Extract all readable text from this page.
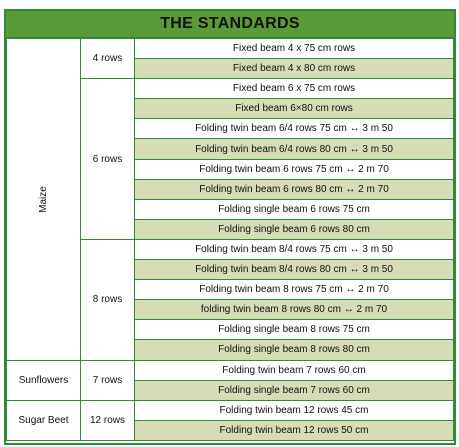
THE STANDARDS
Maize	4 rows	Fixed beam 4 x 75 cm rows
		Fixed beam 4 x 80 cm rows
	6 rows	Fixed beam 6 x 75 cm rows
		Fixed beam 6×80 cm rows
		Folding twin beam 6/4 rows 75 cm ↔ 3 m 50
		Folding twin beam 6/4 rows 80 cm ↔ 3 m 50
		Folding twin beam 6 rows 75 cm ↔ 2 m 70
		Folding twin beam 6 rows 80 cm ↔ 2 m 70
		Folding single beam 6 rows 75 cm
		Folding single beam 6 rows 80 cm
	8 rows	Folding twin beam 8/4 rows 75 cm ↔ 3 m 50
		Folding twin beam 8/4 rows 80 cm ↔ 3 m 50
		Folding twin beam 8 rows 75 cm ↔ 2 m 70
		folding twin beam 8 rows 80 cm ↔ 2 m 70
		Folding single beam 8 rows 75 cm
		Folding single beam 8 rows 80 cm
Sunflowers	7 rows	Folding twin beam 7 rows 60 cm
		Folding single beam 7 rows 60 cm
Sugar Beet	12 rows	Folding twin beam 12 rows 45 cm
		Folding twin beam 12 rows 50 cm
